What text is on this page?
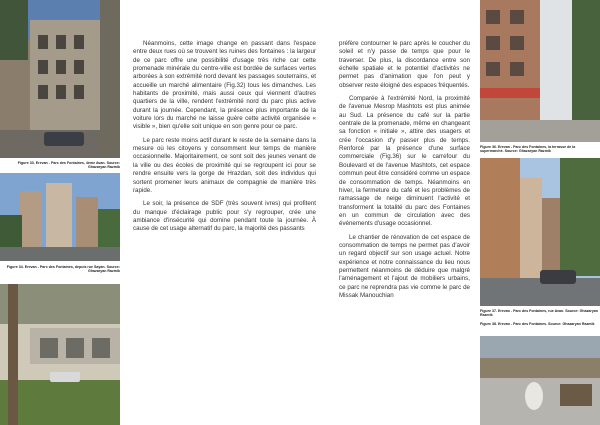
Figure 33. Erevan - Parc des Fontaines, 4ème Avan. Source: Ghazaryan Razmik
Figure 34. Erevan - Parc des Fontaines, depuis rue Sayan. Source: Ghazaryan Razmik

Néanmoins, cette image change en passant dans l'espace entre deux rues où se trouvent les ruines des fontaines : la largeur de ce parc offre une possibilité d'usage très riche car cette promenade minérale du centre-ville est bordée de surfaces vertes arborées à son extrémité nord devant les passages souterrains, et accueille un marché alimentaire (Fig.32) tous les dimanches. Les habitants de proximité, mais aussi ceux qui viennent d'autres quartiers de la ville, rendent l'extrémité nord du parc plus active durant la journée. Cependant, la présence plus importante de la voiture lors du marché ne laisse guère cette activité organisée « visible », bien qu'elle soit unique en son genre pour ce parc.

Le parc reste moins actif durant le reste de la semaine dans la mesure où les citoyens y consomment leur temps de manière occasionnelle. Majoritairement, ce sont soit des jeunes venant de la ville ou des écoles de proximité qui se regroupent ici pour se rendre ensuite vers la gorge de Hrazdan, soit des individus qui sortent promener leurs animaux de compagnie de manière très rapide.

Le soir, la présence de SDF (très souvent ivres) qui profitent du manque d'éclairage public pour s'y regrouper, crée une ambiance d'insécurité qui domine pendant toute la journée. À cause de cet usage alternatif du parc, la majorité des passants

préfère contourner le parc après le coucher du soleil et n'y passe de temps que pour le traverser. De plus, la discordance entre son échelle spatiale et le potentiel d'activités ne permet pas d'animation que l'on peut y observer reste éloigné des espaces fréquentés.

Comparée à l'extrémité Nord, la proximité de l'avenue Mesrop Mashtots est plus animée au Sud. La présence du café sur la partie centrale de la promenade, même en changeant sa fonction « initiale », attire des usagers et crée l'occasion d'y passer plus de temps. Renforcé par la présence d'une surface commerciale (Fig.36) sur le carrefour du Boulevard et de l'avenue Mashtots, cet espace commun peut être considéré comme un espace de consommation de temps. Néanmoins en hiver, la fermeture du café et les problèmes de ramassage de neige diminuent l'activité et transforment la totalité du parc des Fontaines en un commun de circulation avec des événements d'usage occasionnel.

Le chantier de rénovation de cet espace de consommation de temps ne permet pas d'avoir un regard objectif sur son usage actuel. Notre expérience et notre connaissance du lieu nous permettent néanmoins de déduire que malgré l'aménagement et l'ajout de mobiliers urbains, ce parc ne reprendra pas vie comme le parc de Missak Manouchian

Figure 36. Erevan - Parc des Fontaines, la terrasse de la supermarché. Source: Ghazaryan Razmik
Figure 37. Erevan - Parc des Fontaines, rue Avan. Source: Ghazaryan Razmik
Figure 38. Erevan - Parc des Fontaines. Source: Ghazaryan Razmik
